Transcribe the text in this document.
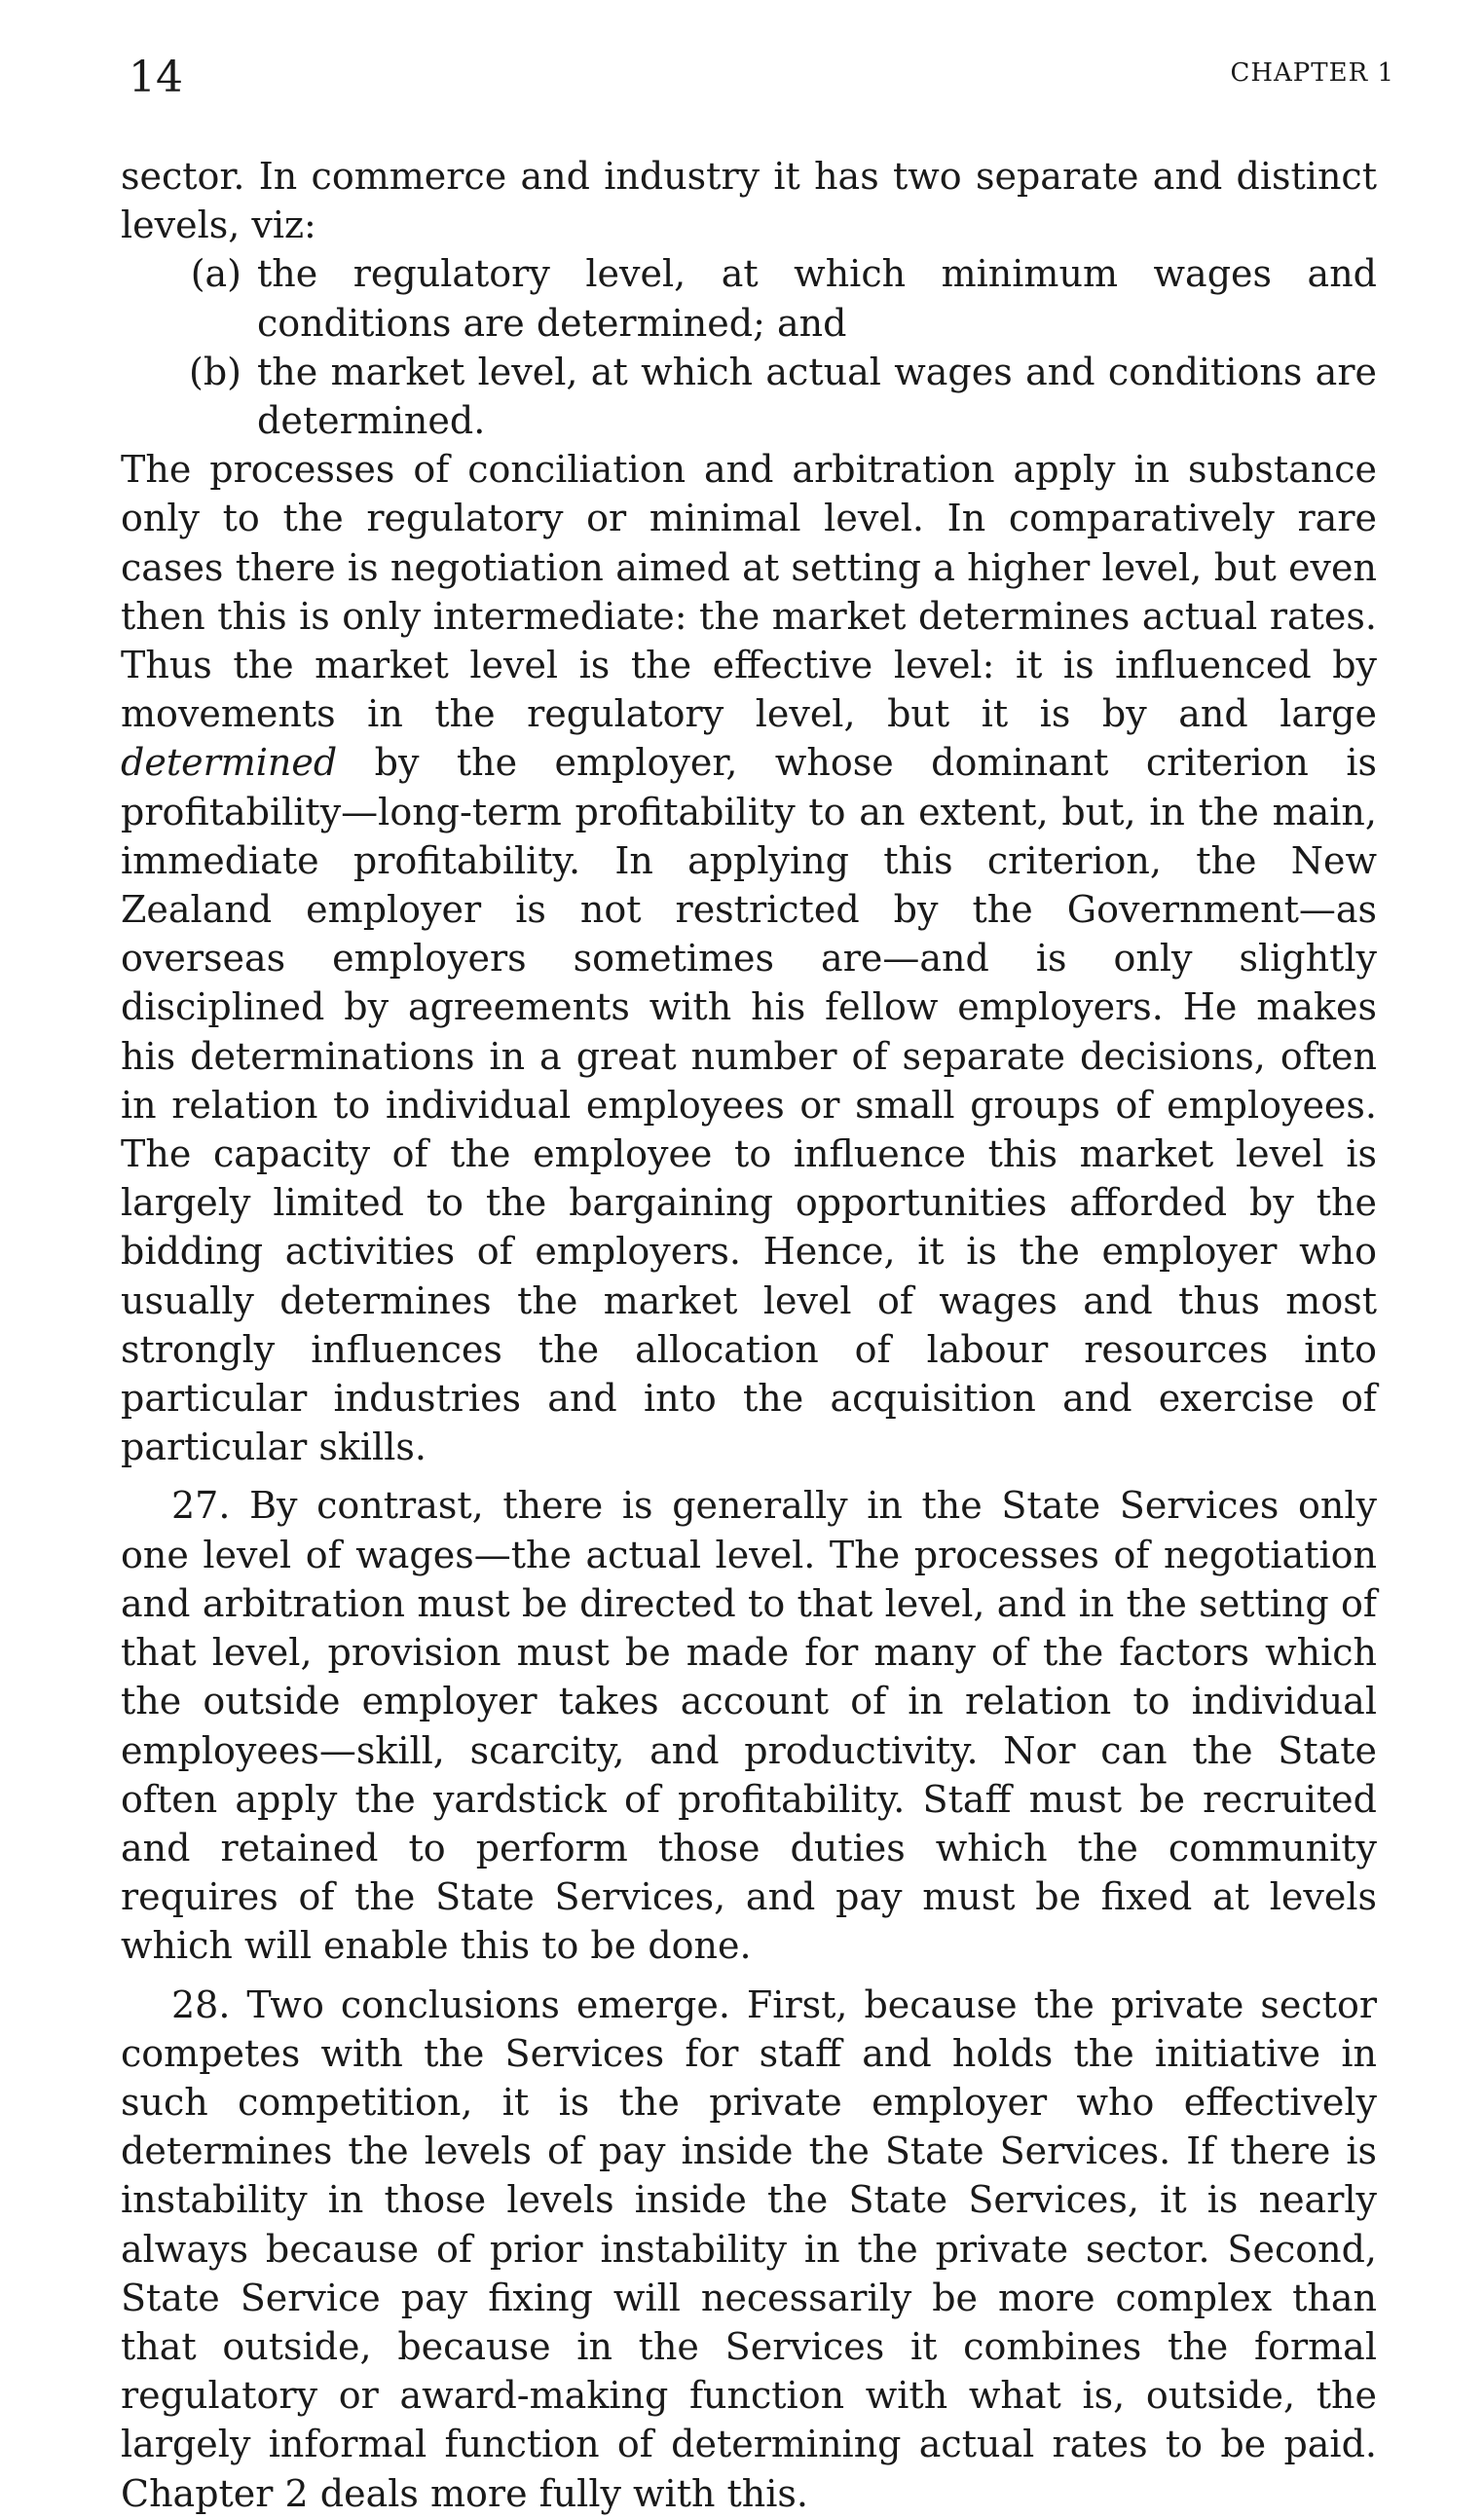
14	CHAPTER 1

sector. In commerce and industry it has two separate and distinct levels, viz:

(a) the regulatory level, at which minimum wages and conditions are determined; and
(b) the market level, at which actual wages and conditions are determined.

The processes of conciliation and arbitration apply in substance only to the regulatory or minimal level. In comparatively rare cases there is negotiation aimed at setting a higher level, but even then this is only intermediate: the market determines actual rates. Thus the market level is the effective level: it is influenced by movements in the regulatory level, but it is by and large determined by the employer, whose dominant criterion is profitability—long-term profitability to an extent, but, in the main, immediate profitability. In applying this criterion, the New Zealand employer is not restricted by the Government—as overseas employers sometimes are—and is only slightly disciplined by agreements with his fellow employers. He makes his determinations in a great number of separate decisions, often in relation to individual employees or small groups of employees. The capacity of the employee to influence this market level is largely limited to the bargaining opportunities afforded by the bidding activities of employers. Hence, it is the employer who usually determines the market level of wages and thus most strongly influences the allocation of labour resources into particular industries and into the acquisition and exercise of particular skills.

27. By contrast, there is generally in the State Services only one level of wages—the actual level. The processes of negotiation and arbitration must be directed to that level, and in the setting of that level, provision must be made for many of the factors which the outside employer takes account of in relation to individual employees—skill, scarcity, and productivity. Nor can the State often apply the yardstick of profitability. Staff must be recruited and retained to perform those duties which the community requires of the State Services, and pay must be fixed at levels which will enable this to be done.

28. Two conclusions emerge. First, because the private sector competes with the Services for staff and holds the initiative in such competition, it is the private employer who effectively determines the levels of pay inside the State Services. If there is instability in those levels inside the State Services, it is nearly always because of prior instability in the private sector. Second, State Service pay fixing will necessarily be more complex than that outside, because in the Services it combines the formal regulatory or award-making function with what is, outside, the largely informal function of determining actual rates to be paid. Chapter 2 deals more fully with this.
